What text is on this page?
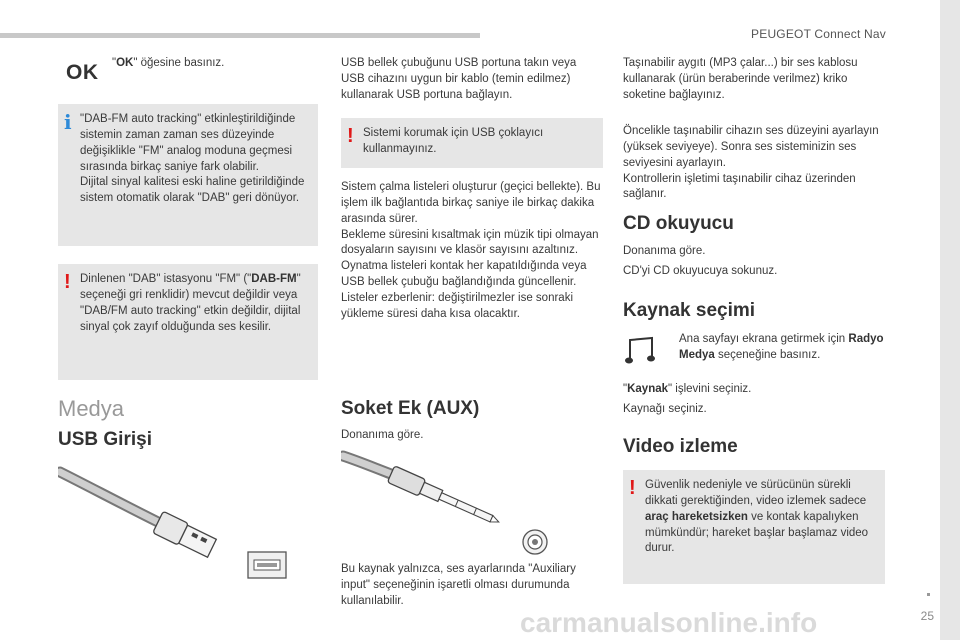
PEUGEOT Connect Nav
25
OK "OK" öğesine basınız.
i "DAB-FM auto tracking" etkinleştirildiğinde sistemin zaman zaman ses düzeyinde değişiklikle "FM" analog moduna geçmesi sırasında birkaç saniye fark olabilir.
Dijital sinyal kalitesi eski haline getirildiğinde sistem otomatik olarak "DAB" geri dönüyor.
! Dinlenen "DAB" istasyonu "FM" ("DAB-FM" seçeneği gri renklidir) mevcut değildir veya "DAB/FM auto tracking" etkin değildir, dijital sinyal çok zayıf olduğunda ses kesilir.
Medya
USB Girişi
USB bellek çubuğunu USB portuna takın veya USB cihazını uygun bir kablo (temin edilmez) kullanarak USB portuna bağlayın.
! Sistemi korumak için USB çoklayıcı kullanmayınız.
Sistem çalma listeleri oluşturur (geçici bellekte). Bu işlem ilk bağlantıda birkaç saniye ile birkaç dakika arasında sürer.
Bekleme süresini kısaltmak için müzik tipi olmayan dosyaların sayısını ve klasör sayısını azaltınız.
Oynatma listeleri kontak her kapatıldığında veya USB bellek çubuğu bağlandığında güncellenir. Listeler ezberlenir: değiştirilmezler ise sonraki yükleme süresi daha kısa olacaktır.
Soket Ek (AUX)
Donanıma göre.
Bu kaynak yalnızca, ses ayarlarında "Auxiliary input" seçeneğinin işaretli olması durumunda kullanılabilir.
Taşınabilir aygıtı (MP3 çalar...) bir ses kablosu kullanarak (ürün beraberinde verilmez) kriko soketine bağlayınız.
Öncelikle taşınabilir cihazın ses düzeyini ayarlayın (yüksek seviyeye). Sonra ses sisteminizin ses seviyesini ayarlayın.
Kontrollerin işletimi taşınabilir cihaz üzerinden sağlanır.
CD okuyucu
Donanıma göre.
CD'yi CD okuyucuya sokunuz.
Kaynak seçimi
Ana sayfayı ekrana getirmek için Radyo Medya seçeneğine basınız.
"Kaynak" işlevini seçiniz.
Kaynağı seçiniz.
Video izleme
! Güvenlik nedeniyle ve sürücünün sürekli dikkati gerektiğinden, video izlemek sadece araç hareketsizken ve kontak kapalıyken mümkündür; hareket başlar başlamaz video durur.
carmanualsonline.info
